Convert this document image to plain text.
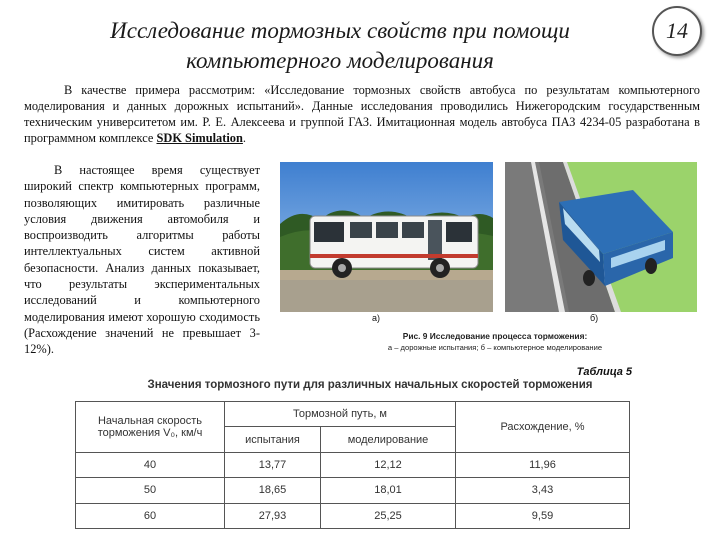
Исследование тормозных свойств при помощи
компьютерного моделирования
14
В качестве примера рассмотрим: «Исследование тормозных свойств автобуса по результатам компьютерного моделирования и данных дорожных испытаний». Данные исследования проводились Нижегородским государственным техническим университетом им. Р. Е. Алексеева и группой ГАЗ. Имитационная модель автобуса ПАЗ 4234-05 разработана в программном комплексе SDK Simulation.
В настоящее время существует широкий спектр компьютерных программ, позволяющих имитировать различные условия движения автомобиля и воспроизводить алгоритмы работы интеллектуальных систем активной безопасности. Анализ данных показывает, что результаты экспериментальных исследований и компьютерного моделирования имеют хорошую сходимость (Расхождение значений не превышает 3-12%).
а)	б)
Рис. 9 Исследование процесса торможения:
а – дорожные испытания; б – компьютерное моделирование
Таблица 5
Значения тормозного пути для различных начальных скоростей торможения
Начальная скорость торможения V₀, км/ч	Тормозной путь, м		Расхождение, %
	испытания	моделирование	
40	13,77	12,12	11,96
50	18,65	18,01	3,43
60	27,93	25,25	9,59
